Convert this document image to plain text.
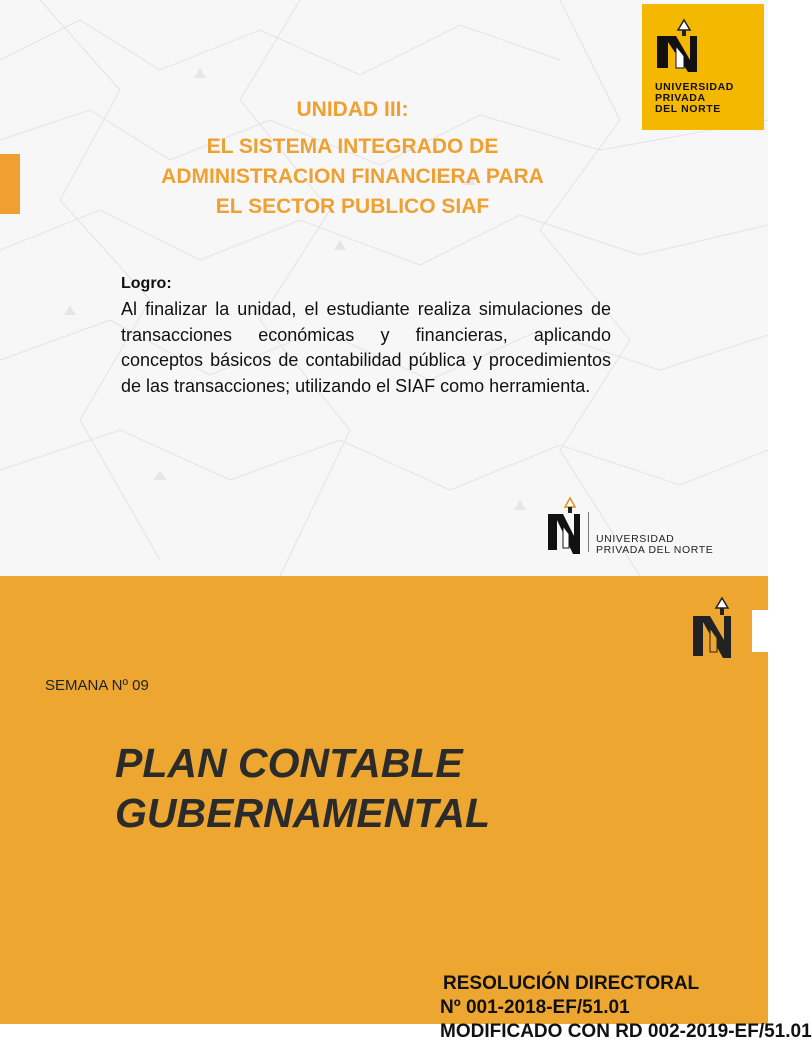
UNIVERSIDAD
PRIVADA
DEL NORTE
UNIDAD III:
EL SISTEMA INTEGRADO DE
ADMINISTRACION FINANCIERA PARA
EL SECTOR PUBLICO SIAF
Logro:
Al finalizar la unidad, el estudiante realiza simulaciones de transacciones económicas y financieras, aplicando conceptos básicos de contabilidad pública y procedimientos de las transacciones; utilizando el SIAF como herramienta.
UNIVERSIDAD
PRIVADA DEL NORTE
SEMANA Nº 09
PLAN CONTABLE
GUBERNAMENTAL
RESOLUCIÓN DIRECTORAL
Nº 001-2018-EF/51.01
MODIFICADO CON RD 002-2019-EF/51.01
